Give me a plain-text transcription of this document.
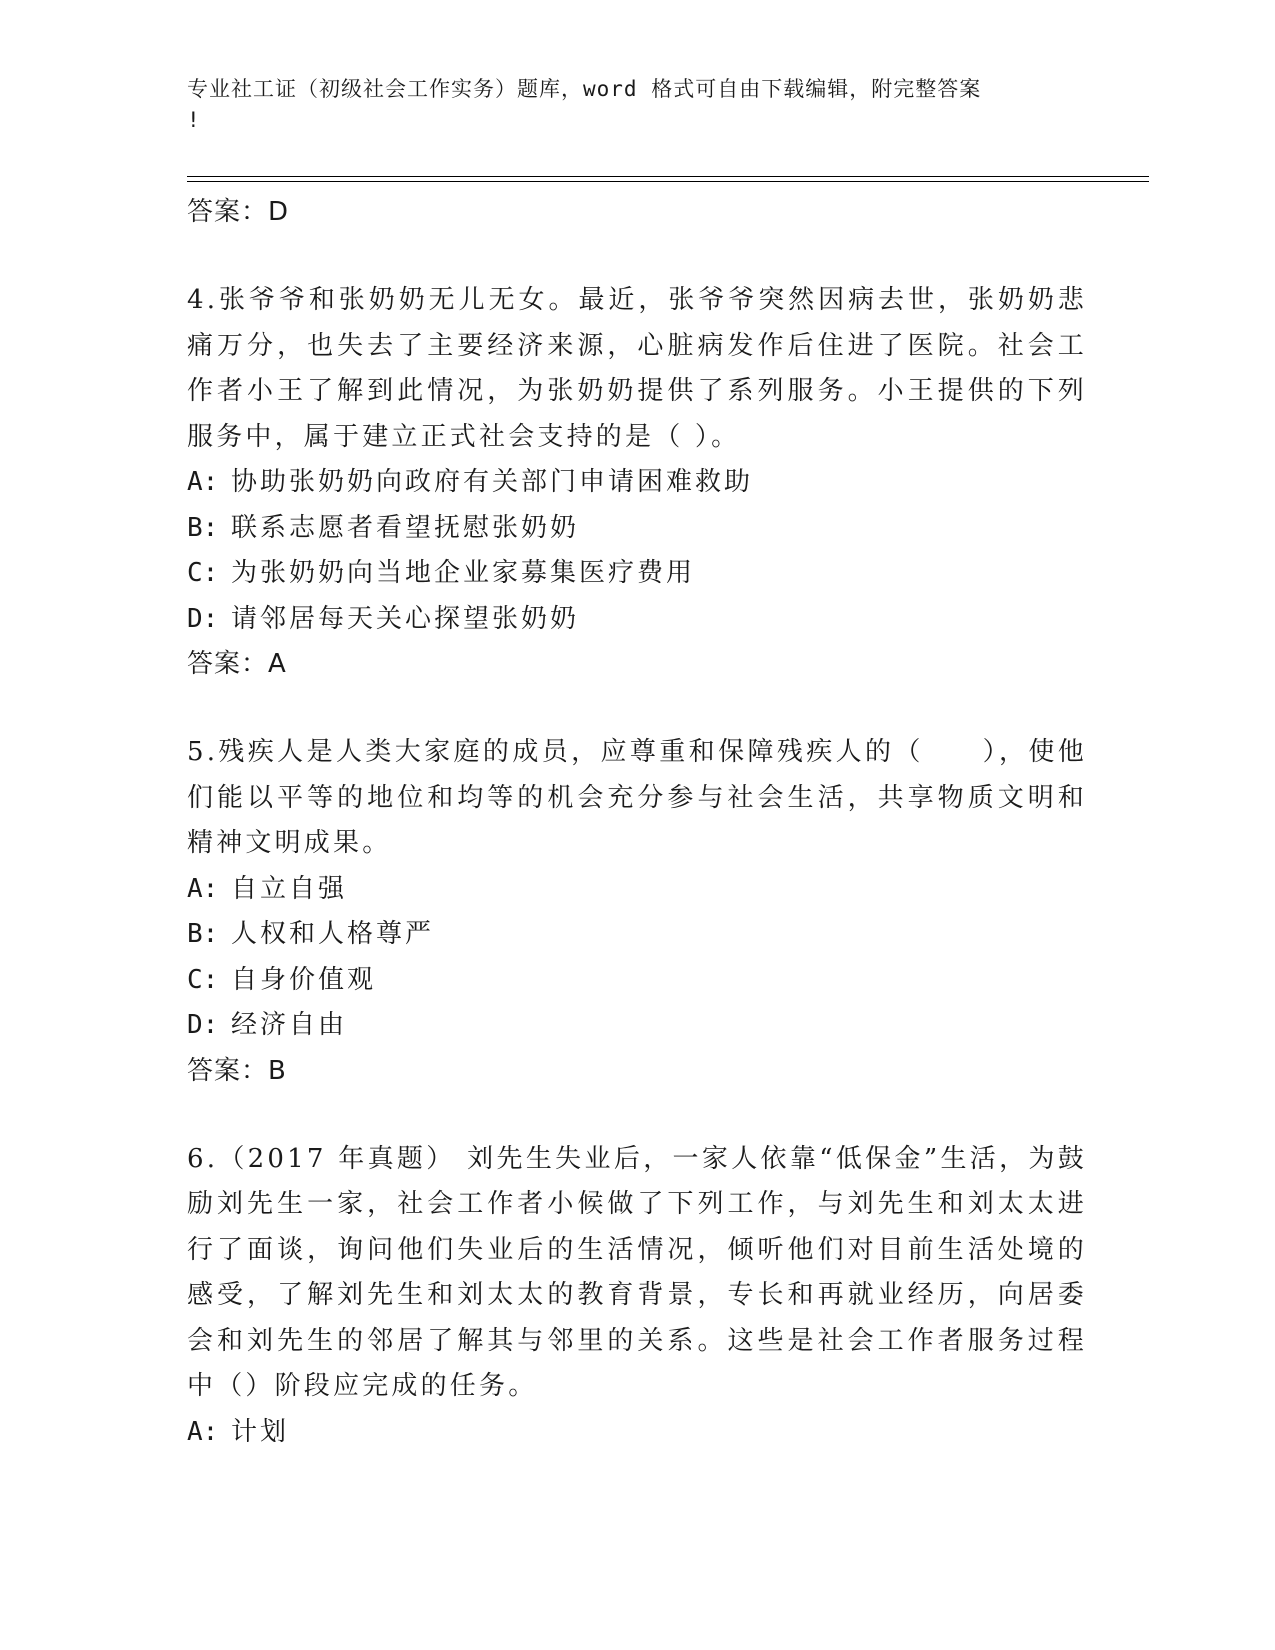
专业社工证（初级社会工作实务）题库，word 格式可自由下载编辑，附完整答案
!

答案：D

4.张爷爷和张奶奶无儿无女。最近，张爷爷突然因病去世，张奶奶悲痛万分，也失去了主要经济来源，心脏病发作后住进了医院。社会工作者小王了解到此情况，为张奶奶提供了系列服务。小王提供的下列服务中，属于建立正式社会支持的是（ ）。

A: 协助张奶奶向政府有关部门申请困难救助

B: 联系志愿者看望抚慰张奶奶

C: 为张奶奶向当地企业家募集医疗费用

D: 请邻居每天关心探望张奶奶

答案：A

5.残疾人是人类大家庭的成员，应尊重和保障残疾人的（　　），使他们能以平等的地位和均等的机会充分参与社会生活，共享物质文明和精神文明成果。

A: 自立自强

B: 人权和人格尊严

C: 自身价值观

D: 经济自由

答案：B

6.（2017 年真题） 刘先生失业后，一家人依靠“低保金”生活，为鼓励刘先生一家，社会工作者小候做了下列工作，与刘先生和刘太太进行了面谈，询问他们失业后的生活情况，倾听他们对目前生活处境的感受，了解刘先生和刘太太的教育背景，专长和再就业经历，向居委会和刘先生的邻居了解其与邻里的关系。这些是社会工作者服务过程中（）阶段应完成的任务。

A: 计划
